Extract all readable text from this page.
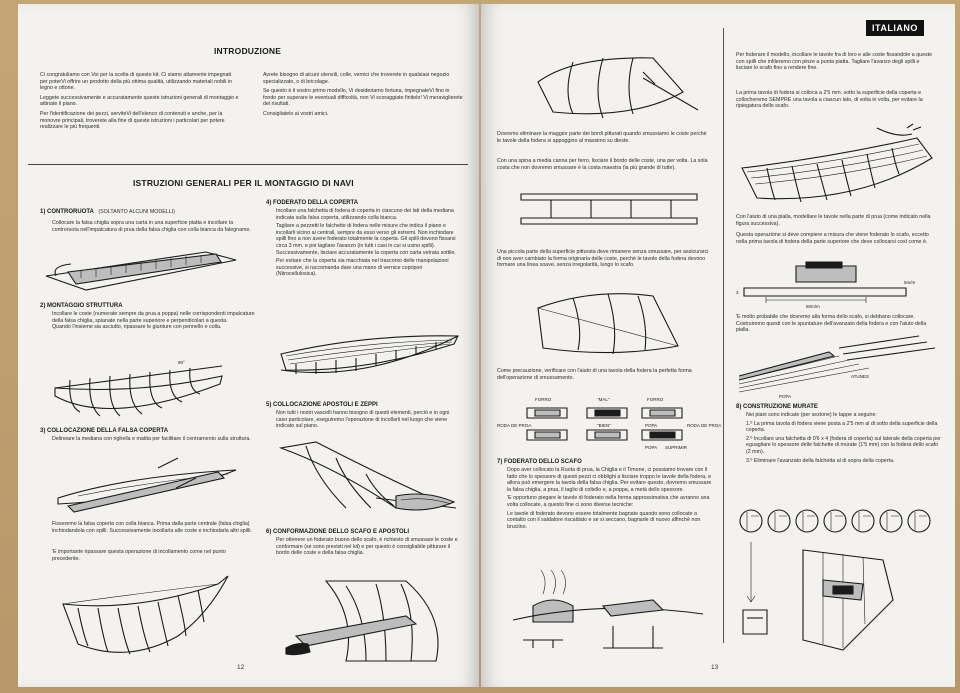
INTRODUZIONE

Ci congratuliamo con Voi per la scelta di questo kit. Ci siamo altamente impegnati per poterVi offrire un prodotto della più ottima qualità, utilizzando materiali nobili in legno e ottone.

Leggete successivamente e accuratamente queste istruzioni generali di montaggio e attinate il piano.

Per l'identificazione dei pezzi, serviteVi dell'elenco di contenuti e anche, per la monovre principali, troverete alla fine di queste istruzioni i particolari per potere realizzare le più frequenti.

Avrete bisogno di alcuni utensili, colle, vernici che troverete in qualsiasi negozio specializzato, o di bricolage.

Se questo è il vostro primo modello, Vi desideriamo fortuna, impegnateVi fino in fondo per superare le eventuali difficoltà, non Vi scoraggiate finitelo! Vi meraviglierete dei risultati.

Consigliatelo ai vostri amici.

ISTRUZIONI GENERALI PER IL MONTAGGIO DI NAVI
1) CONTRORUOTA (SOLTANTO ALCUNI MODELLI)
Collocare la falsa chiglia sopra una carta in una superficie piatta e incollare la controruota nell'impalcatura di prua della falsa chiglia con colla bianca da falegname.
2) MONTAGGIO STRUTTURA
Incollare le coste (numerate sempre da prua a poppa) nelle corrispondenti impalcature della falsa chiglia, spianate nella parte superiore e perpendicolari a questa.
Quando l'insieme sia asciutto, ripassare le giunture con pennello e colla.
90°
3) COLLOCAZIONE DELLA FALSA COPERTA
Delineare la mediana con righella e matita per facilitare il centramento sulla struttura.
Fisseremo la falsa coperta con colla bianca. Prima dalla parte centrale (falsa chiglia) inchiodandola con spilli. Successivamente incollarla alle coste e inchiodarla altri spilli.
'E importante ripassare questa operazione di incollamento come nel punto precedente.
4) FODERATO DELLA COPERTA
Incollare una falchetta di fodera di coperta in ciascuno dei lati della mediana indicata sulla falsa coperta, utilizzando colla bianca.
Tagliare a pezzetti le falchette di fodera nelle misure che indica il piano e incollarli vicino ai centrali, sempre da esso verso gli estremi. Non inchiodare spilli fino a non avere foderato totalmente la coperta. Gli spilli devono fissarsi circa 3 mm. e poi tagliare l'avanzo (in tutti i casi in cui si usino spilli). Successivamente, lisciare accuratamente la coperta con carta vetrata sottile.
Per evitare che la coperta sia macchiata nel trascorso delle manipolazioni successive, si raccomanda dare una mano di vernice copripori (Nitrocellulosica).
5) COLLOCAZIONE APOSTOLI E ZEPPI
Non tutti i nostri vascelli hanno bisogno di questi elementi, perciò e in ogni caso particolare, eseguiremo l'operazione di incollarli nel luogo che viene indicato sul piano.
6) CONFORMAZIONE DELLO SCAFO E APOSTOLI
Per ottenere un foderato buono dello scafo, è richiesto di smussare le coste e conformare (se sono previsti nel kit) e per questo è consigliabile pitturare il bordo delle coste e della falsa chiglia.
12
ITALIANO
Dovremo eliminare la maggior parte dei bordi pitturati quando smussiamo le coste perchè le tavole della fodera si appoggino al massimo su dieste.
Con una spina a media canna per ferro, lisciare il bordo delle coste, una per volta. La sola costa che non dovremo smussare è la costa maestra (la più grande di tutte).
Una piccola parte della superficie pitturata deve rimanere senza smussare, per assicurarci di non aver cambiato la forma originaria delle coste, perchè le tavole della fodera devono formare una linea soave, senza irregolarità, lungo lo scafo.
Come precauzione, verificare con l'aiuto di una tavola della fodera la perfetta forma dell'operazione di smussamento.
FORRO	"MAL"	FORRO
RODA DE PROA	"BIEN"	POPA	RODA DE PROA
POPA SUPRIMIR
7) FODERATO DELLO SCAFO
Dopo aver collocato la Ruota di prua, la Chiglia e il Timone, ci possiamo trovare con il fatto che lo spessore di questi pezzi ci obblighi a lisciare troppo le tavole della fodera, e allora può emergere la tavola della falsa chiglia. Per evitare questo, dovremo smussare la falsa chiglia, a prua, il taglio di coltello e, a poppa, a metà dello spessore.
'E opportuno piegare le tavole di foderato nella forma approssimativa che avranno una volta collocate, a questo fine ci sono diverse tecniche:
Le tavole di foderato devono essere totalmente bagnate quando sono collocate a contatto con il saldatore riscaldato e se si seccano, bagnarle di nuovo affinchè non bruciino.
13
Per foderare il modello, incollare le tavole fra di loro e alle coste fissandole a queste con spilli che infileremo con pinze a punta piatta. Tagliare l'avanzo degli spilli e lisciare lo scafo fino a rendere fine.
La prima tavola di fodera si colloca a 2'5 mm. sotto la superficie della coperta e collocheremo SEMPRE una tavola a ciascun lato, di volta in volta, per evitare la ripiegatura dello scafo.
Con l'aiuto di una pialla, modellare le tavole nella parte di prua (come indicato nella figura successiva).
Questa operazione si deve compiere a misura che viene foderato lo scafo, eccetto nella prima tavola di fodera della parte superiore che deve collocarsi così come è.
3
50m/m
5m/m
'E molto probabile che dovremo alla forma dello scafo, si debbano collocare. Costruiremo questi con le spuntature dell'avanzato della fodera e con l'aiuto della pialla.
ATUNES
POPA
8) CONSTRUZIONE MURATE
Nei piani sono indicate (per sezione) le tappe a seguire:
1.º La prima tavola di fodera viene posta a 2'5 mm al di sotto della superficie della coperta.
2.º Incollare una falchetta di 0'6 x 4 (fodera di coperta) sul laterale della coperta per eguagliare lo spessore delle falchette di murate (1'5 mm) con la fodera dello scafo (2 mm).
3.º Eliminare l'avanzato della falchetta al di sopra della coperta.
